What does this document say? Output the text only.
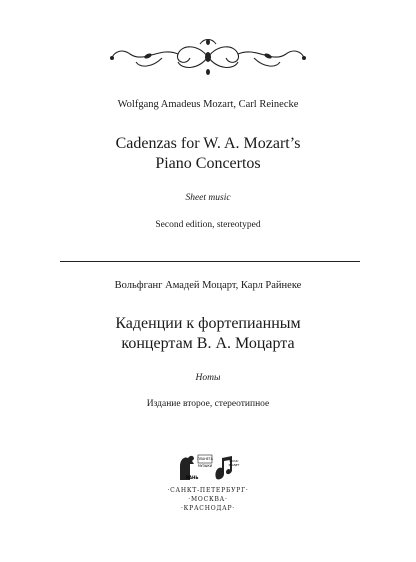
Wolfgang Amadeus Mozart, Carl Reinecke
Cadenzas for W. A. Mozart’s
Piano Concertos
Sheet music
Second edition, stereotyped
Вольфганг Амадей Моцарт, Карл Райнеке
Каденции к фортепианным
концертам В. А. Моцарта
Ноты
Издание второе, стереотипное
ПЛАНЕТА
МУЗЫКИ
ЛАНЬ
MUSIC
PLANET
·САНКТ-ПЕТЕРБУРГ·
·МОСКВА·
·КРАСНОДАР·
